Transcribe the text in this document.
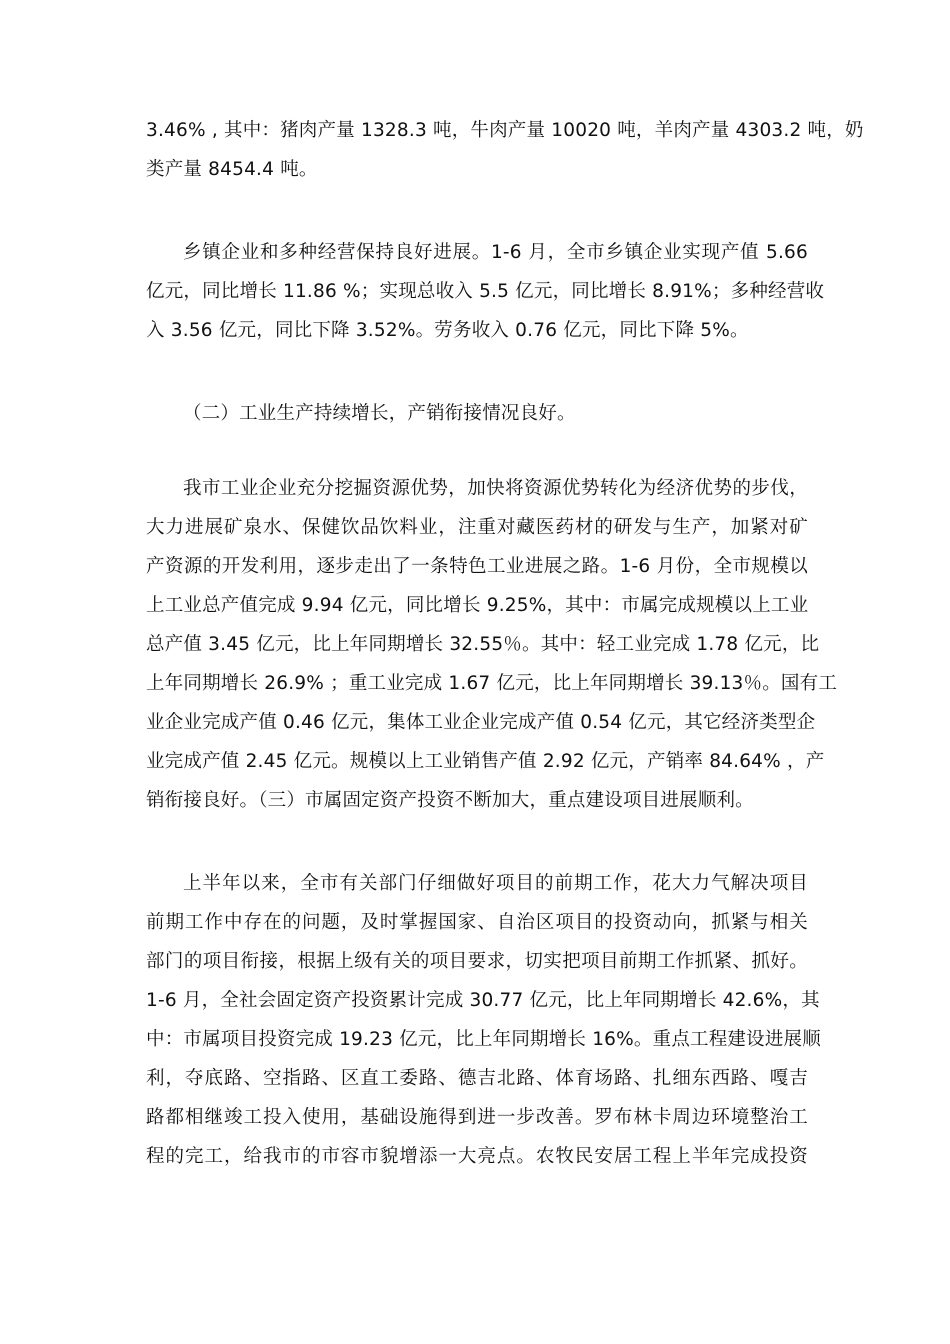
3.46% , 其中：猪肉产量 1328.3 吨，牛肉产量 10020 吨，羊肉产量 4303.2 吨，奶
类产量 8454.4 吨。
乡镇企业和多种经营保持良好进展。1-6 月，全市乡镇企业实现产值 5.66
亿元，同比增长 11.86 %；实现总收入 5.5 亿元，同比增长 8.91%；多种经营收
入 3.56 亿元，同比下降 3.52%。劳务收入 0.76 亿元，同比下降 5%。
（二）工业生产持续增长，产销衔接情况良好。
我市工业企业充分挖掘资源优势，加快将资源优势转化为经济优势的步伐，
大力进展矿泉水、保健饮品饮料业，注重对藏医药材的研发与生产，加紧对矿
产资源的开发利用，逐步走出了一条特色工业进展之路。1-6 月份，全市规模以
上工业总产值完成 9.94 亿元，同比增长 9.25%，其中：市属完成规模以上工业
总产值 3.45 亿元，比上年同期增长 32.55％。其中：轻工业完成 1.78 亿元，比
上年同期增长 26.9% ；重工业完成 1.67 亿元，比上年同期增长 39.13％。国有工
业企业完成产值 0.46 亿元，集体工业企业完成产值 0.54 亿元，其它经济类型企
业完成产值 2.45 亿元。规模以上工业销售产值 2.92 亿元，产销率 84.64% ，产
销衔接良好。（三）市属固定资产投资不断加大，重点建设项目进展顺利。
上半年以来，全市有关部门仔细做好项目的前期工作，花大力气解决项目
前期工作中存在的问题，及时掌握国家、自治区项目的投资动向，抓紧与相关
部门的项目衔接，根据上级有关的项目要求，切实把项目前期工作抓紧、抓好。
1-6 月，全社会固定资产投资累计完成 30.77 亿元，比上年同期增长 42.6%，其
中：市属项目投资完成 19.23 亿元，比上年同期增长 16%。重点工程建设进展顺
利，夺底路、空指路、区直工委路、德吉北路、体育场路、扎细东西路、嘎吉
路都相继竣工投入使用，基础设施得到进一步改善。罗布林卡周边环境整治工
程的完工，给我市的市容市貌增添一大亮点。农牧民安居工程上半年完成投资
